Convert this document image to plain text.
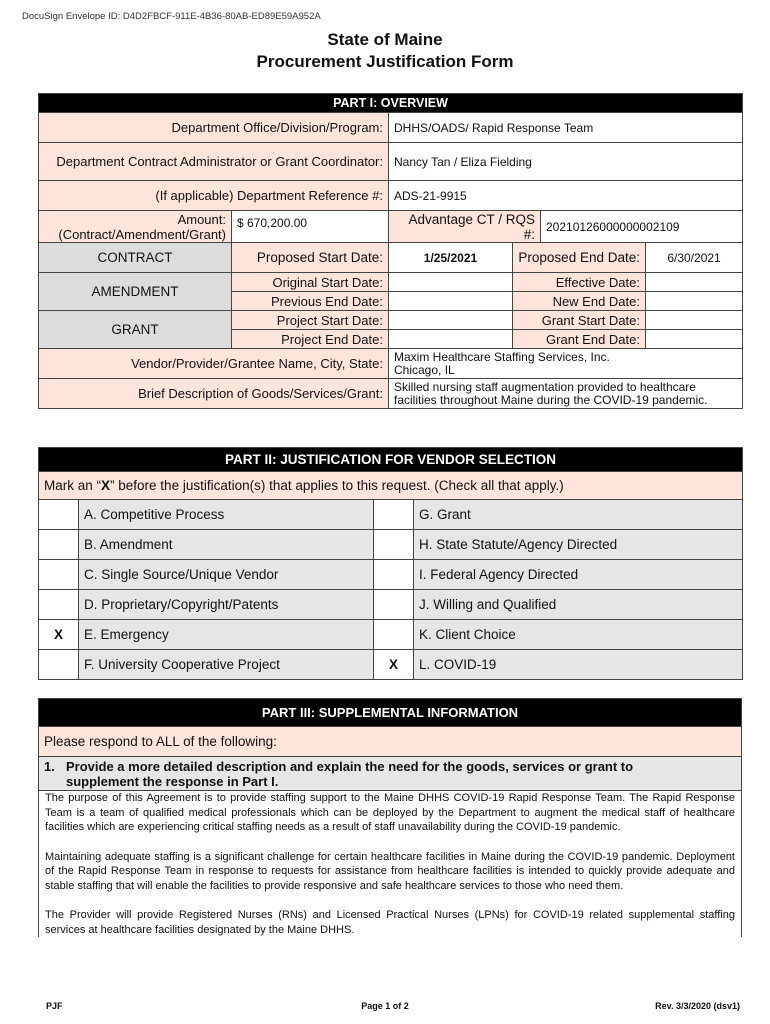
DocuSign Envelope ID: D4D2FBCF-911E-4B36-80AB-ED89E59A952A
State of Maine
Procurement Justification Form
PART I: OVERVIEW					
Department Office/Division/Program:		DHHS/OADS/ Rapid Response Team			
Department Contract Administrator or Grant Coordinator:		Nancy Tan / Eliza Fielding			
(If applicable) Department Reference #:		ADS-21-9915			
Amount: (Contract/Amendment/Grant)	$ 670,200.00	Advantage CT / RQS #:		20210126000000002109	
CONTRACT	Proposed Start Date:	1/25/2021	Proposed End Date:		6/30/2021
AMENDMENT	Original Start Date:		Effective Date:		
	Previous End Date:		New End Date:		
GRANT	Project Start Date:		Grant Start Date:		
	Project End Date:		Grant End Date:		
Vendor/Provider/Grantee Name, City, State:		Maxim Healthcare Staffing Services, Inc.
Chicago, IL			

Brief Description of Goods/Services/Grant:		Skilled nursing staff augmentation provided to healthcare facilities throughout Maine during the COVID-19 pandemic.			
PART II: JUSTIFICATION FOR VENDOR SELECTION			
Mark an “X” before the justification(s) that applies to this request. (Check all that apply.)			
	A. Competitive Process		G. Grant
	B. Amendment		H. State Statute/Agency Directed
	C. Single Source/Unique Vendor		I. Federal Agency Directed
	D. Proprietary/Copyright/Patents		J. Willing and Qualified
X	E. Emergency		K. Client Choice
	F. University Cooperative Project	X	L. COVID-19
PART III: SUPPLEMENTAL INFORMATION
Please respond to ALL of the following:
1. Provide a more detailed description and explain the need for the goods, services or grant to
supplement the response in Part I.

The purpose of this Agreement is to provide staffing support to the Maine DHHS COVID-19 Rapid Response Team. The Rapid Response Team is a team of qualified medical professionals which can be deployed by the Department to augment the medical staff of healthcare facilities which are experiencing critical staffing needs as a result of staff unavailability during the COVID-19 pandemic.

Maintaining adequate staffing is a significant challenge for certain healthcare facilities in Maine during the COVID-19 pandemic. Deployment of the Rapid Response Team in response to requests for assistance from healthcare facilities is intended to quickly provide adequate and stable staffing that will enable the facilities to provide responsive and safe healthcare services to those who need them.

The Provider will provide Registered Nurses (RNs) and Licensed Practical Nurses (LPNs) for COVID-19 related supplemental staffing services at healthcare facilities designated by the Maine DHHS.

PJF	Page 1 of 2	Rev. 3/3/2020 (dsv1)
